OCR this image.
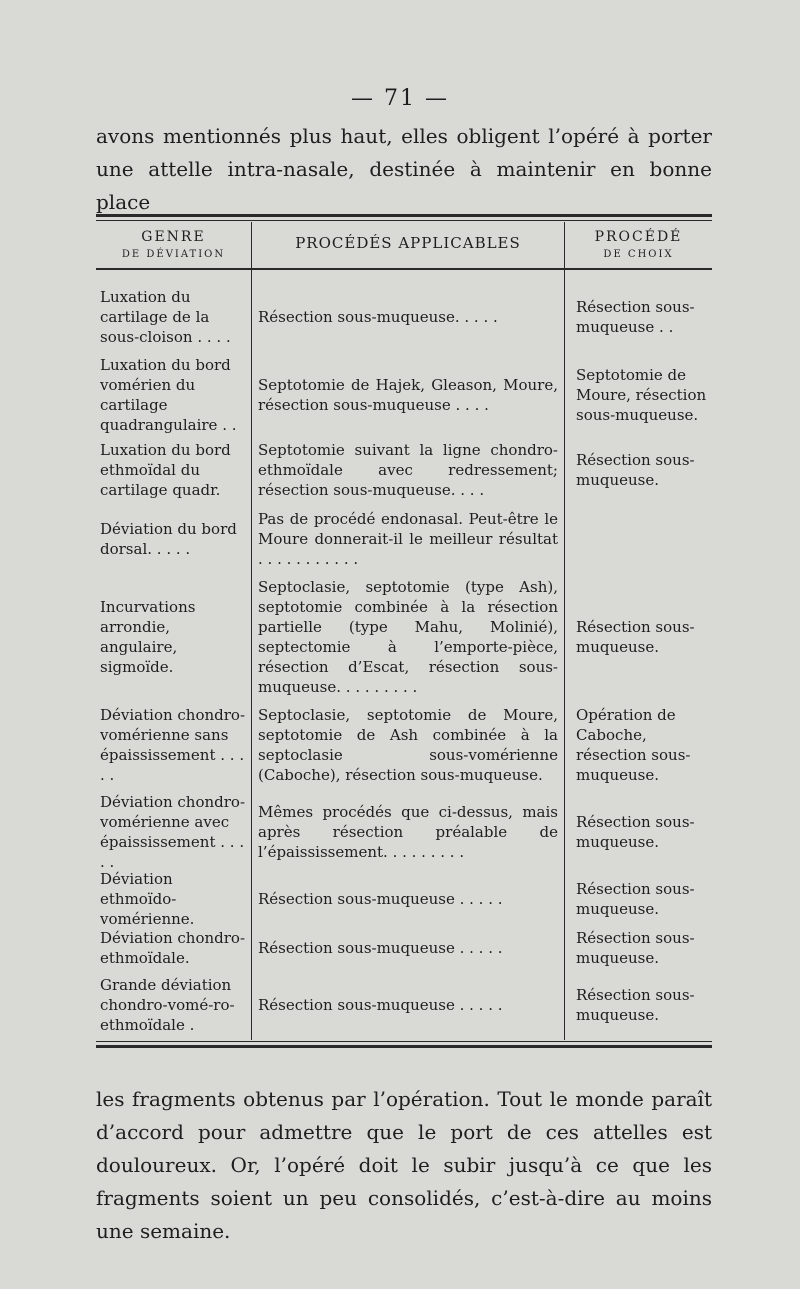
— 71 —

avons mentionnés plus haut, elles obligent l’opéré à porter une attelle intra-nasale, destinée à maintenir en bonne place

GENRE
DE DÉVIATION
PROCÉDÉS APPLICABLES	PROCÉDÉ
DE CHOIX
Luxation du cartilage de la sous-cloison . . . .
Résection sous-muqueuse. . . . .
Résection sous-muqueuse . .
Luxation du bord vomérien du cartilage quadrangulaire . .
Septotomie de Hajek, Gleason, Moure, résection sous-muqueuse . . . .
Septotomie de Moure, résection sous-muqueuse.
Luxation du bord ethmoïdal du cartilage quadr.
Septotomie suivant la ligne chondro-ethmoïdale avec redressement; résection sous-muqueuse. . . .
Résection sous-muqueuse.
Déviation du bord dorsal. . . . .
Pas de procédé endonasal. Peut-être le Moure donnerait-il le meilleur résultat . . . . . . . . . . .
Incurvations arrondie, angulaire, sigmoïde.
Septoclasie, septotomie (type Ash), septotomie combinée à la résection partielle (type Mahu, Molinié), septectomie à l’emporte-pièce, résection d’Escat, résection sous-muqueuse. . . . . . . . .
Résection sous-muqueuse.
Déviation chondro-vomérienne sans épaississement . . . . .
Septoclasie, septotomie de Moure, septotomie de Ash combinée à la septoclasie sous-vomérienne (Caboche), résection sous-muqueuse.
Opération de Caboche, résection sous-muqueuse.
Déviation chondro-vomérienne avec épaississement . . . . .
Mêmes procédés que ci-dessus, mais après résection préalable de l’épaississement. . . . . . . . .
Résection sous-muqueuse.
Déviation ethmoïdo-vomérienne.
Résection sous-muqueuse . . . . .
Résection sous-muqueuse.
Déviation chondro-ethmoïdale.
Résection sous-muqueuse . . . . .
Résection sous-muqueuse.
Grande déviation chondro-vomé-ro-ethmoïdale .
Résection sous-muqueuse . . . . .
Résection sous-muqueuse.

les fragments obtenus par l’opération. Tout le monde paraît d’accord pour admettre que le port de ces attelles est douloureux. Or, l’opéré doit le subir jusqu’à ce que les fragments soient un peu consolidés, c’est-à-dire au moins une semaine.
